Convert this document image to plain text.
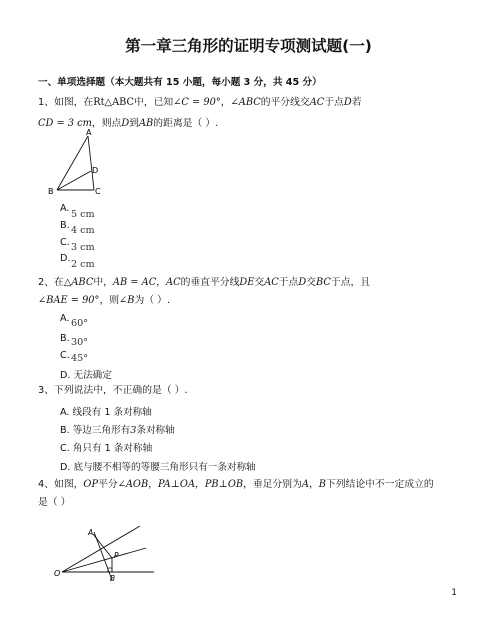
第一章三角形的证明专项测试题(一)
一、单项选择题（本大题共有 15 小题，每小题 3 分，共 45 分）
1、如图，在Rt△ABC中，已知∠C = 90°，∠ABC的平分线交AC于点D若
CD = 3 cm，则点D到AB的距离是（ ）.
A
B	C
D
A.
5 cm
B. 4 cm
C. 3 cm
D.
2 cm
2、在△ABC中，AB = AC，AC的垂直平分线DE交AC于点D交BC于点，且
∠BAE = 90°，则∠B为（ ）.
A. 60°
B. 30°
C. 45°
D. 无法确定
3、下列说法中，不正确的是（ ）.
A. 线段有 1 条对称轴
B. 等边三角形有3条对称轴
C. 角只有 1 条对称轴
D. 底与腰不相等的等腰三角形只有一条对称轴
4、如图，OP平分∠AOB，PA⊥OA，PB⊥OB，垂足分别为A，B下列结论中不一定成立的
是（ ）
O
A
P
B
1
